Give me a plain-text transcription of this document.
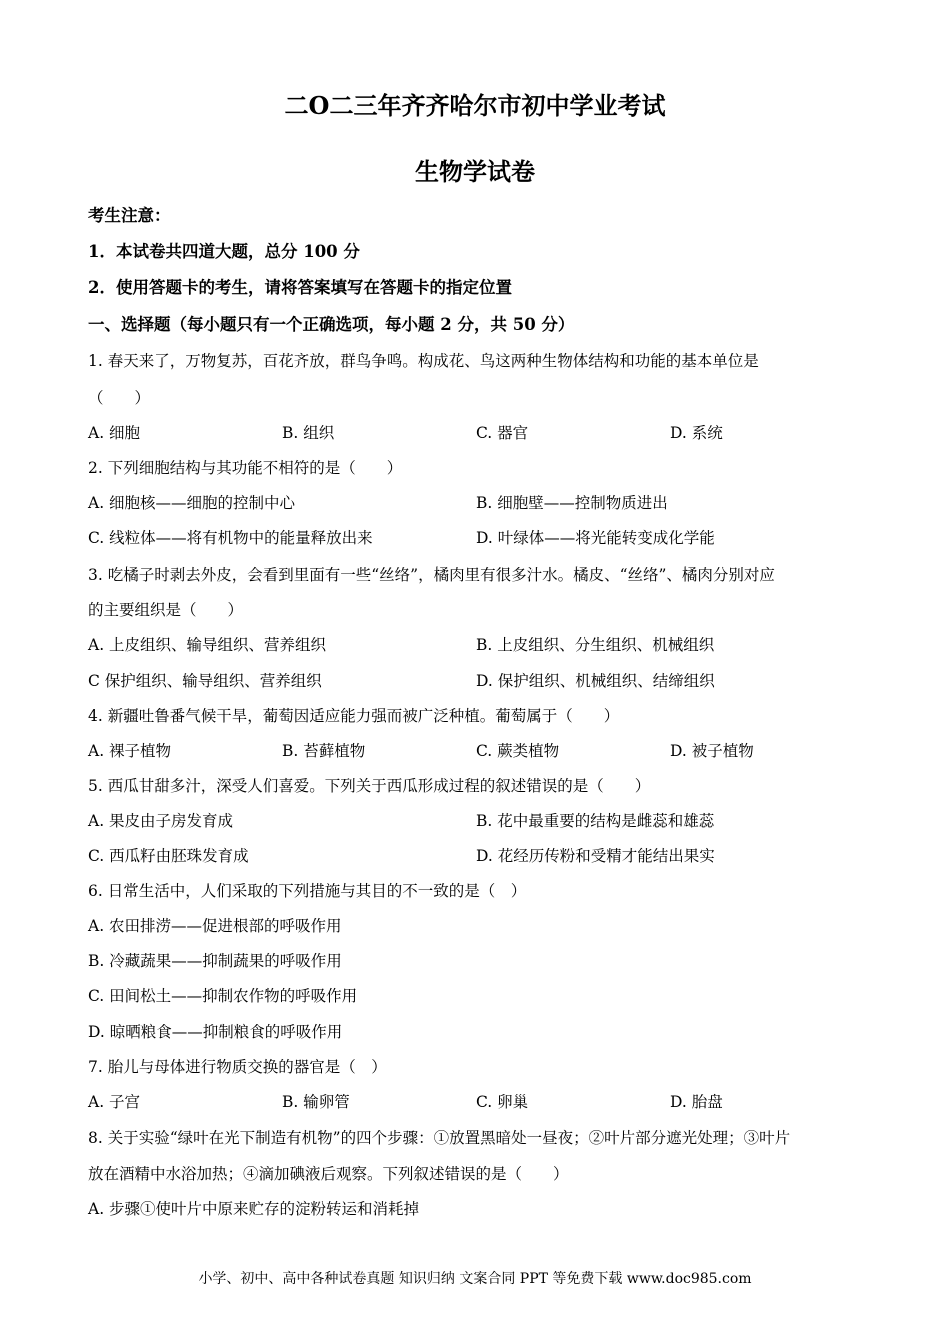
二O二三年齐齐哈尔市初中学业考试
生物学试卷
考生注意：
1．本试卷共四道大题，总分 100 分
2．使用答题卡的考生，请将答案填写在答题卡的指定位置
一、选择题（每小题只有一个正确选项，每小题 2 分，共 50 分）
1. 春天来了，万物复苏，百花齐放，群鸟争鸣。构成花、鸟这两种生物体结构和功能的基本单位是
（　　）
A. 细胞	B. 组织	C. 器官	D. 系统
2. 下列细胞结构与其功能不相符的是（　　）
A. 细胞核——细胞的控制中心	B. 细胞壁——控制物质进出
C. 线粒体——将有机物中的能量释放出来	D. 叶绿体——将光能转变成化学能
3. 吃橘子时剥去外皮，会看到里面有一些“丝络”，橘肉里有很多汁水。橘皮、“丝络”、橘肉分别对应
的主要组织是（　　）
A. 上皮组织、输导组织、营养组织	B. 上皮组织、分生组织、机械组织
C 保护组织、输导组织、营养组织	D. 保护组织、机械组织、结缔组织
4. 新疆吐鲁番气候干旱，葡萄因适应能力强而被广泛种植。葡萄属于（　　）
A. 裸子植物	B. 苔藓植物	C. 蕨类植物	D. 被子植物
5. 西瓜甘甜多汁，深受人们喜爱。下列关于西瓜形成过程的叙述错误的是（　　）
A. 果皮由子房发育成	B. 花中最重要的结构是雌蕊和雄蕊
C. 西瓜籽由胚珠发育成	D. 花经历传粉和受精才能结出果实
6. 日常生活中，人们采取的下列措施与其目的不一致的是（　）
A. 农田排涝——促进根部的呼吸作用
B. 冷藏蔬果——抑制蔬果的呼吸作用
C. 田间松土——抑制农作物的呼吸作用
D. 晾晒粮食——抑制粮食的呼吸作用
7. 胎儿与母体进行物质交换的器官是（　）
A. 子宫	B. 输卵管	C. 卵巢	D. 胎盘
8. 关于实验“绿叶在光下制造有机物”的四个步骤：①放置黑暗处一昼夜；②叶片部分遮光处理；③叶片
放在酒精中水浴加热；④滴加碘液后观察。下列叙述错误的是（　　）
A. 步骤①使叶片中原来贮存的淀粉转运和消耗掉
小学、初中、高中各种试卷真题 知识归纳 文案合同 PPT 等免费下载 www.doc985.com
